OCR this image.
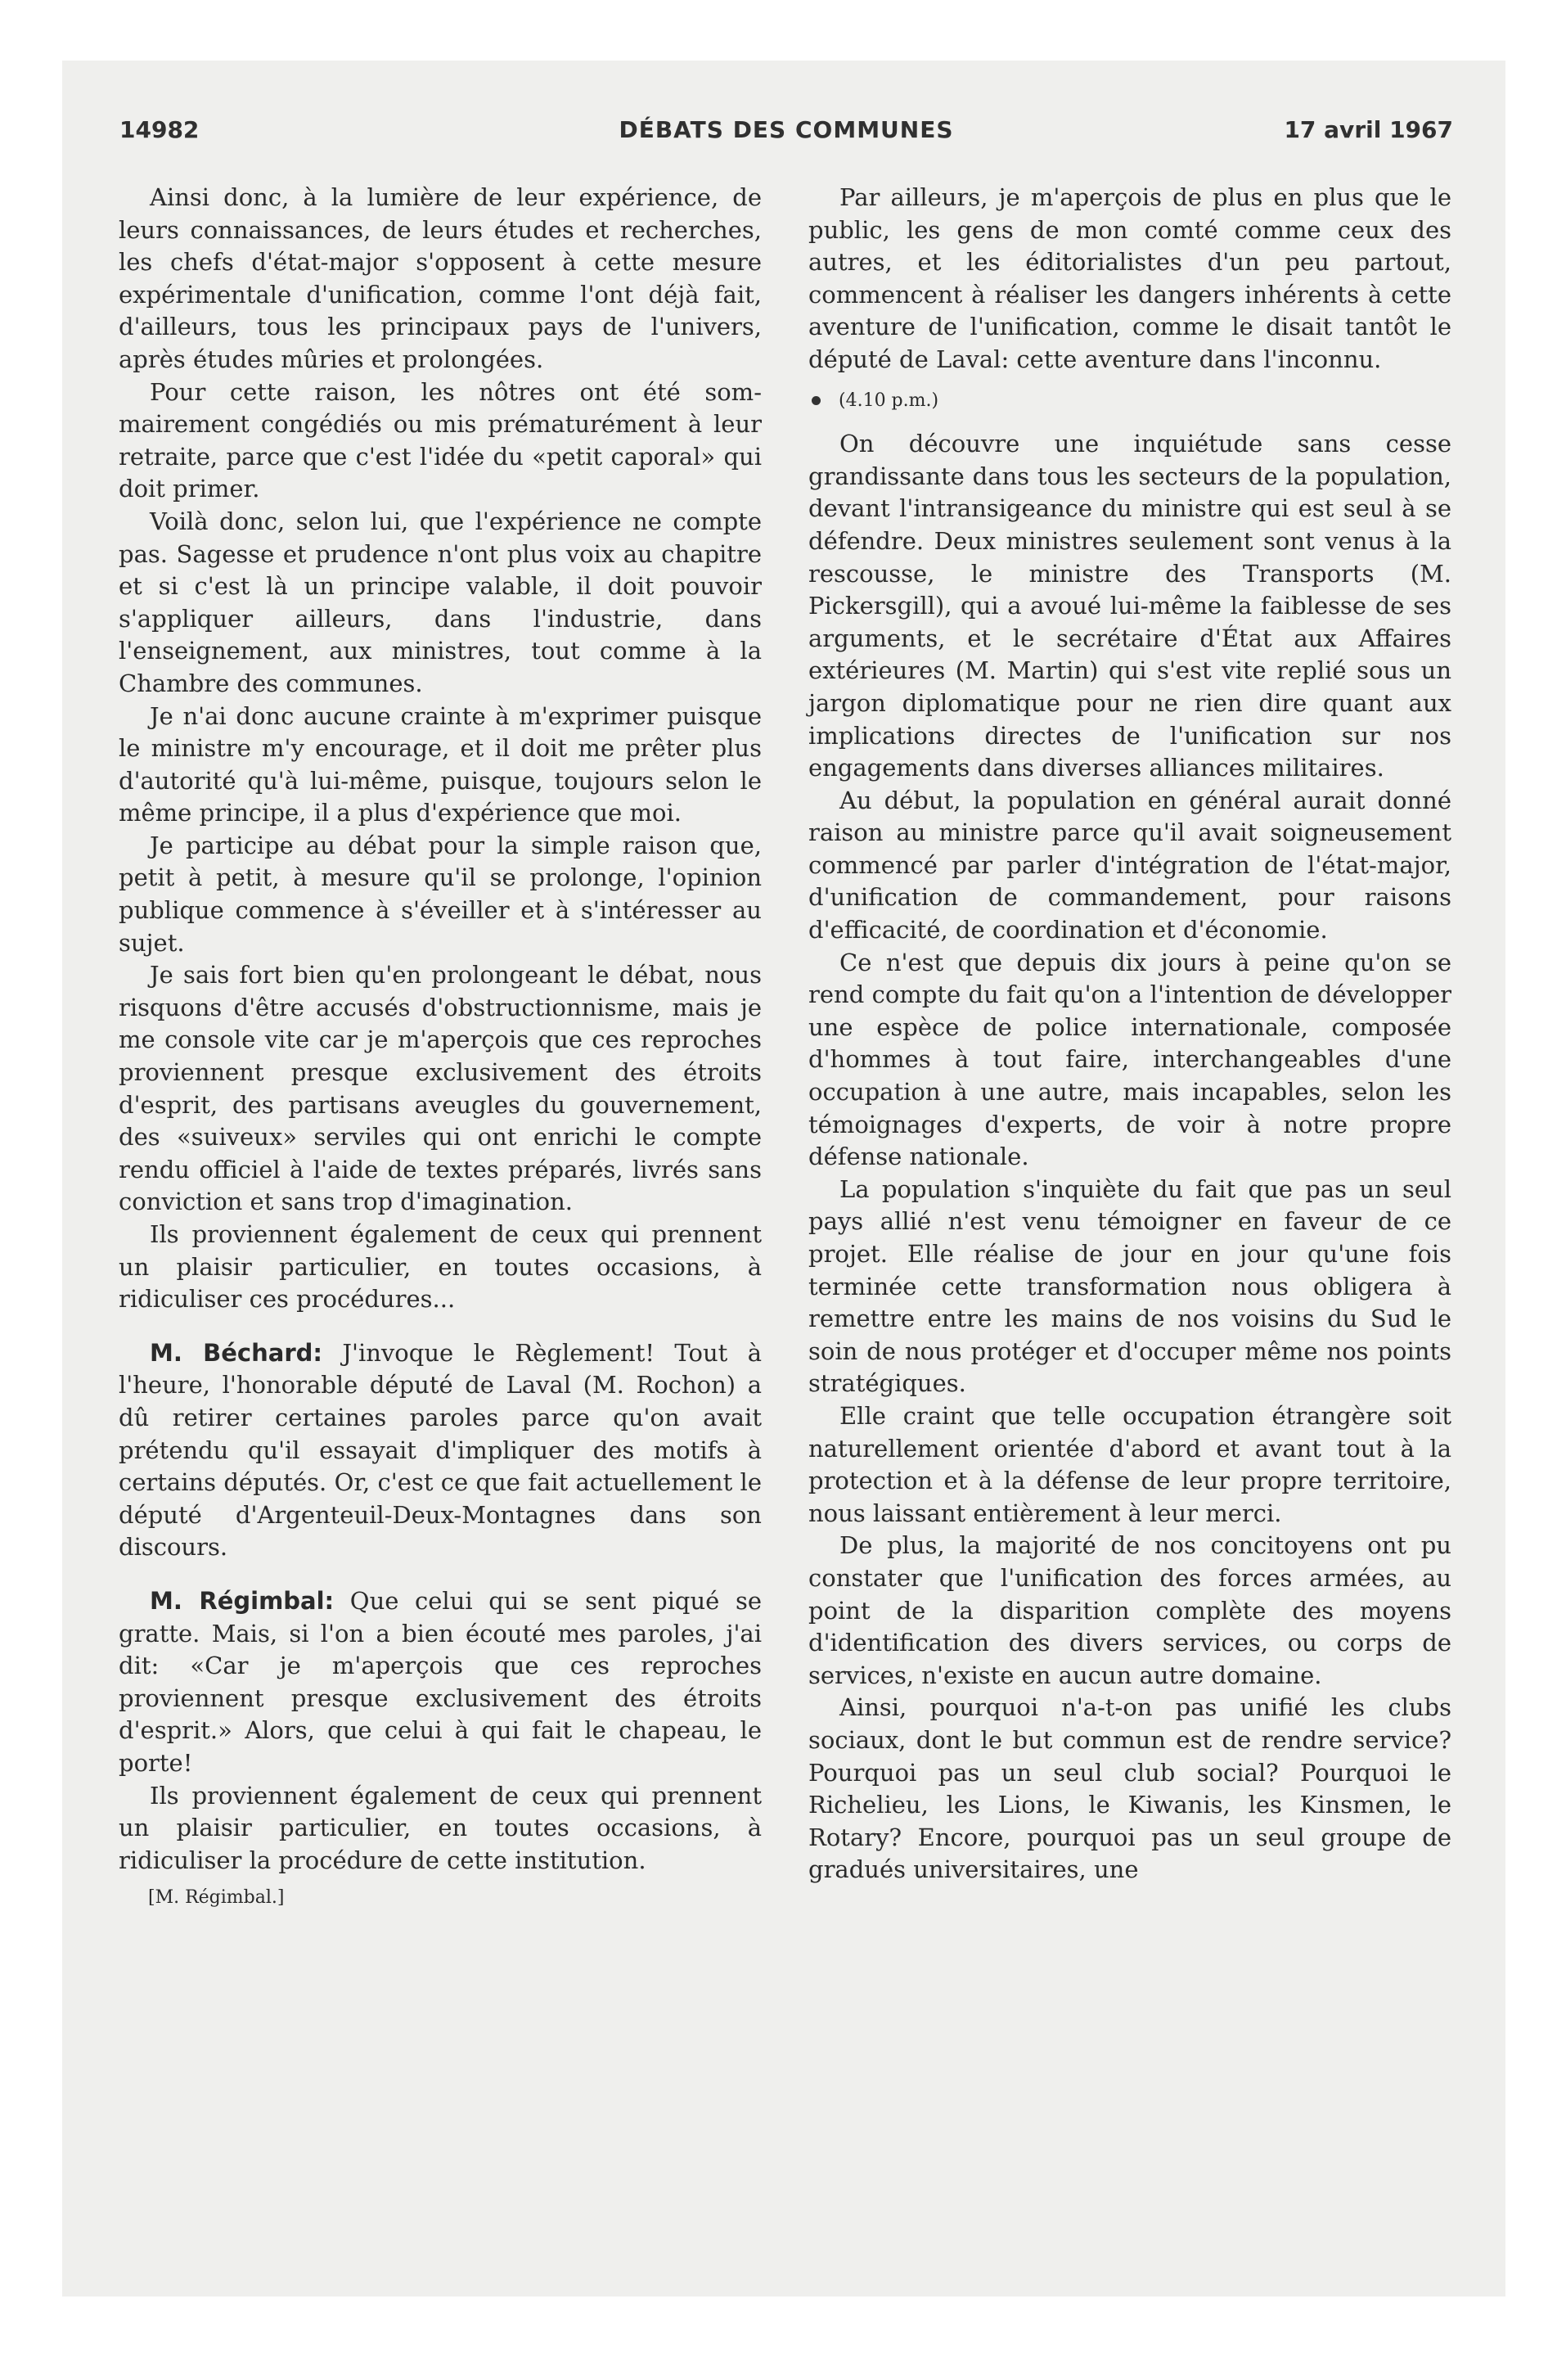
14982	DÉBATS DES COMMUNES	17 avril 1967

Ainsi donc, à la lumière de leur expérience, de leurs connaissances, de leurs études et recherches, les chefs d'état-major s'opposent à cette mesure expérimentale d'unification, comme l'ont déjà fait, d'ailleurs, tous les principaux pays de l'univers, après études mûries et prolongées.

Pour cette raison, les nôtres ont été sommairement congédiés ou mis prématurément à leur retraite, parce que c'est l'idée du «petit caporal» qui doit primer.

Voilà donc, selon lui, que l'expérience ne compte pas. Sagesse et prudence n'ont plus voix au chapitre et si c'est là un principe valable, il doit pouvoir s'appliquer ailleurs, dans l'industrie, dans l'enseignement, aux ministres, tout comme à la Chambre des communes.

Je n'ai donc aucune crainte à m'exprimer puisque le ministre m'y encourage, et il doit me prêter plus d'autorité qu'à lui-même, puisque, toujours selon le même principe, il a plus d'expérience que moi.

Je participe au débat pour la simple raison que, petit à petit, à mesure qu'il se prolonge, l'opinion publique commence à s'éveiller et à s'intéresser au sujet.

Je sais fort bien qu'en prolongeant le débat, nous risquons d'être accusés d'obstructionnisme, mais je me console vite car je m'aperçois que ces reproches proviennent presque exclusivement des étroits d'esprit, des partisans aveugles du gouvernement, des «suiveux» serviles qui ont enrichi le compte rendu officiel à l'aide de textes préparés, livrés sans conviction et sans trop d'imagination.

Ils proviennent également de ceux qui prennent un plaisir particulier, en toutes occasions, à ridiculiser ces procédures...

M. Béchard: J'invoque le Règlement! Tout à l'heure, l'honorable député de Laval (M. Rochon) a dû retirer certaines paroles parce qu'on avait prétendu qu'il essayait d'impliquer des motifs à certains députés. Or, c'est ce que fait actuellement le député d'Argenteuil-Deux-Montagnes dans son discours.

M. Régimbal: Que celui qui se sent piqué se gratte. Mais, si l'on a bien écouté mes paroles, j'ai dit: «Car je m'aperçois que ces reproches proviennent presque exclusivement des étroits d'esprit.» Alors, que celui à qui fait le chapeau, le porte!

Ils proviennent également de ceux qui prennent un plaisir particulier, en toutes occasions, à ridiculiser la procédure de cette institution.

[M. Régimbal.]

Par ailleurs, je m'aperçois de plus en plus que le public, les gens de mon comté comme ceux des autres, et les éditorialistes d'un peu partout, commencent à réaliser les dangers inhérents à cette aventure de l'unification, comme le disait tantôt le député de Laval: cette aventure dans l'inconnu.

(4.10 p.m.)

On découvre une inquiétude sans cesse grandissante dans tous les secteurs de la population, devant l'intransigeance du ministre qui est seul à se défendre. Deux ministres seulement sont venus à la rescousse, le ministre des Transports (M. Pickersgill), qui a avoué lui-même la faiblesse de ses arguments, et le secrétaire d'État aux Affaires extérieures (M. Martin) qui s'est vite replié sous un jargon diplomatique pour ne rien dire quant aux implications directes de l'unification sur nos engagements dans diverses alliances militaires.

Au début, la population en général aurait donné raison au ministre parce qu'il avait soigneusement commencé par parler d'intégration de l'état-major, d'unification de commandement, pour raisons d'efficacité, de coordination et d'économie.

Ce n'est que depuis dix jours à peine qu'on se rend compte du fait qu'on a l'intention de développer une espèce de police internationale, composée d'hommes à tout faire, interchangeables d'une occupation à une autre, mais incapables, selon les témoignages d'experts, de voir à notre propre défense nationale.

La population s'inquiète du fait que pas un seul pays allié n'est venu témoigner en faveur de ce projet. Elle réalise de jour en jour qu'une fois terminée cette transformation nous obligera à remettre entre les mains de nos voisins du Sud le soin de nous protéger et d'occuper même nos points stratégiques.

Elle craint que telle occupation étrangère soit naturellement orientée d'abord et avant tout à la protection et à la défense de leur propre territoire, nous laissant entièrement à leur merci.

De plus, la majorité de nos concitoyens ont pu constater que l'unification des forces armées, au point de la disparition complète des moyens d'identification des divers services, ou corps de services, n'existe en aucun autre domaine.

Ainsi, pourquoi n'a-t-on pas unifié les clubs sociaux, dont le but commun est de rendre service? Pourquoi pas un seul club social? Pourquoi le Richelieu, les Lions, le Kiwanis, les Kinsmen, le Rotary? Encore, pourquoi pas un seul groupe de gradués universitaires, une
